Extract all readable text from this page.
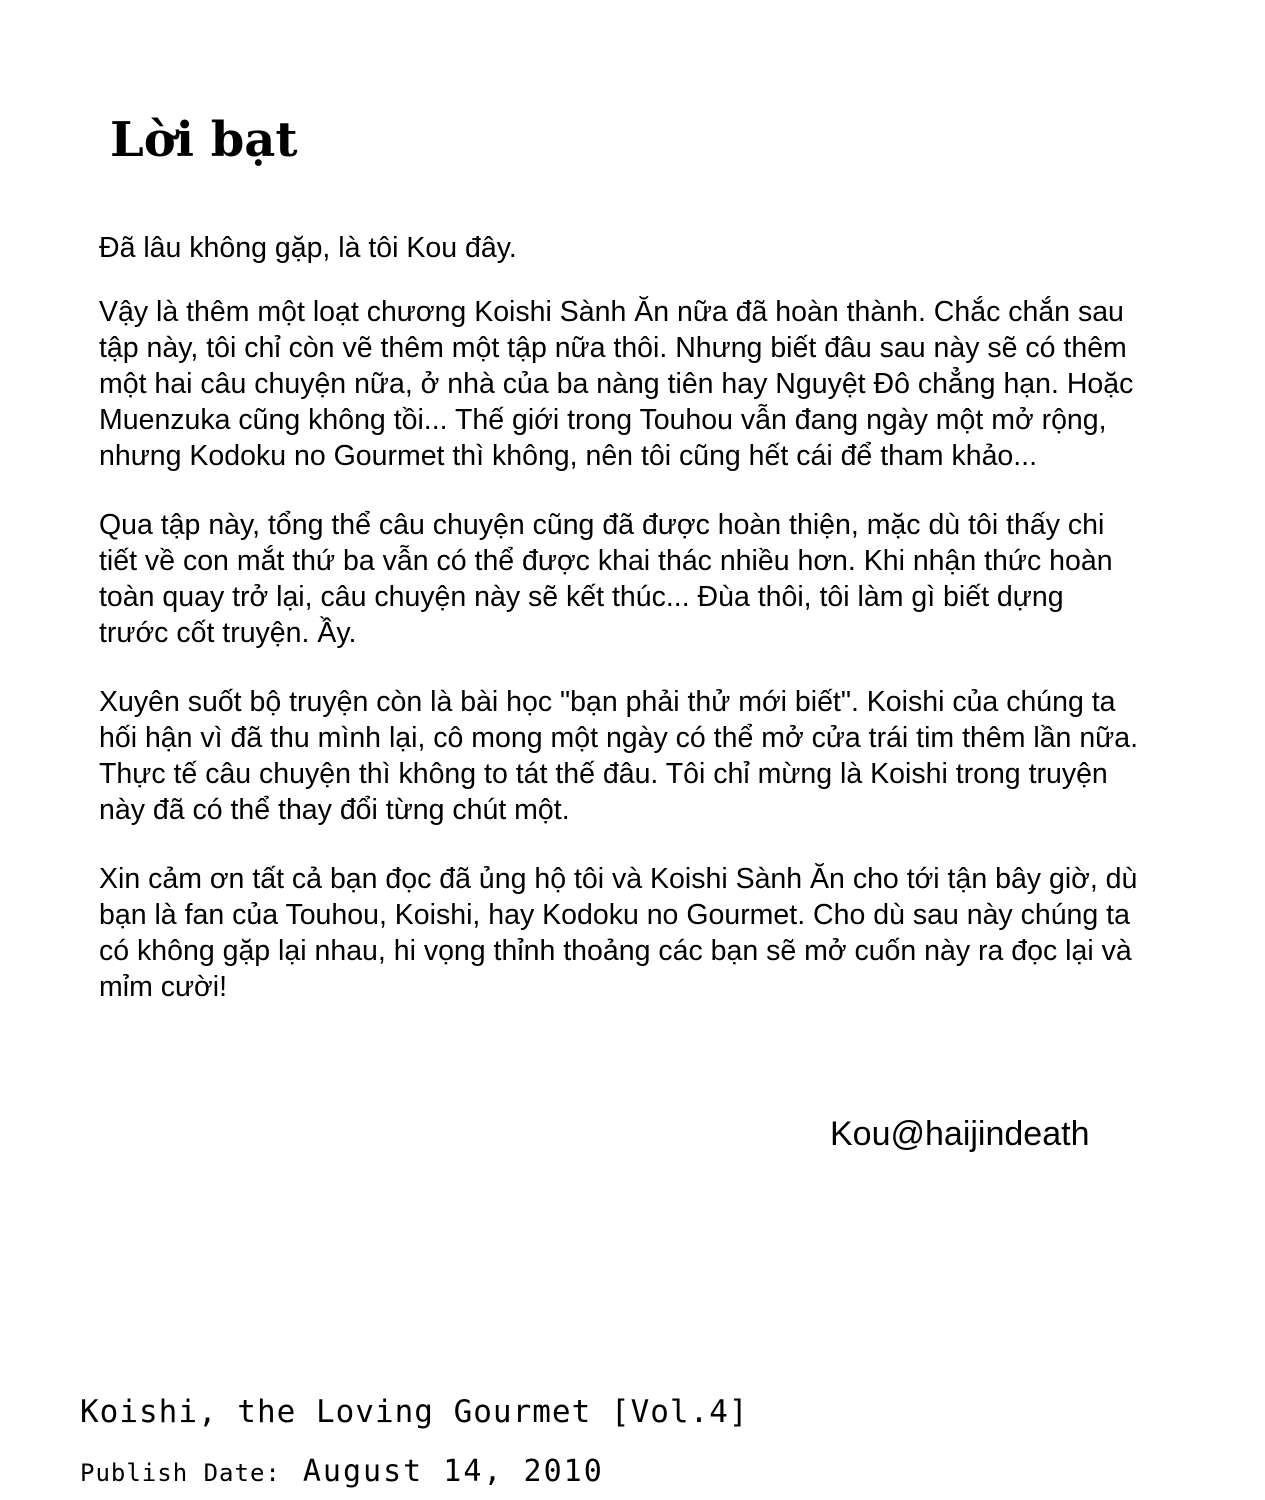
Lời bạt

Đã lâu không gặp, là tôi Kou đây.

Vậy là thêm một loạt chương Koishi Sành Ăn nữa đã hoàn thành. Chắc chắn sau tập này, tôi chỉ còn vẽ thêm một tập nữa thôi. Nhưng biết đâu sau này sẽ có thêm một hai câu chuyện nữa, ở nhà của ba nàng tiên hay Nguyệt Đô chẳng hạn. Hoặc Muenzuka cũng không tồi... Thế giới trong Touhou vẫn đang ngày một mở rộng, nhưng Kodoku no Gourmet thì không, nên tôi cũng hết cái để tham khảo...

Qua tập này, tổng thể câu chuyện cũng đã được hoàn thiện, mặc dù tôi thấy chi tiết về con mắt thứ ba vẫn có thể được khai thác nhiều hơn. Khi nhận thức hoàn toàn quay trở lại, câu chuyện này sẽ kết thúc... Đùa thôi, tôi làm gì biết dựng trước cốt truyện. Ầy.

Xuyên suốt bộ truyện còn là bài học "bạn phải thử mới biết". Koishi của chúng ta hối hận vì đã thu mình lại, cô mong một ngày có thể mở cửa trái tim thêm lần nữa. Thực tế câu chuyện thì không to tát thế đâu. Tôi chỉ mừng là Koishi trong truyện này đã có thể thay đổi từng chút một.

Xin cảm ơn tất cả bạn đọc đã ủng hộ tôi và Koishi Sành Ăn cho tới tận bây giờ, dù bạn là fan của Touhou, Koishi, hay Kodoku no Gourmet. Cho dù sau này chúng ta có không gặp lại nhau, hi vọng thỉnh thoảng các bạn sẽ mở cuốn này ra đọc lại và mỉm cười!

Kou@haijindeath
Koishi, the Loving Gourmet [Vol.4]
Publish Date: August 14, 2010
